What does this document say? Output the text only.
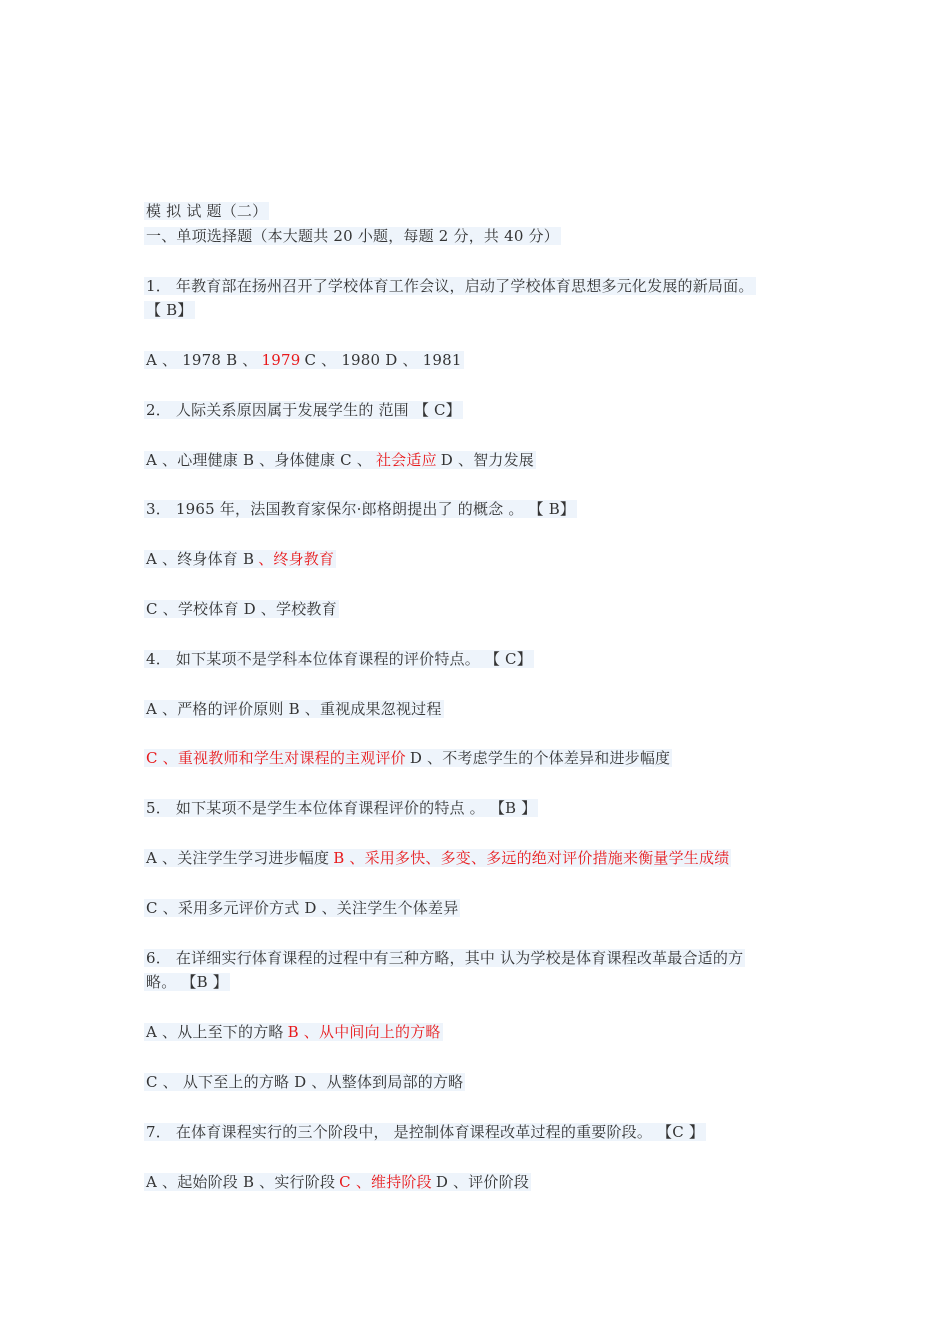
模 拟 试 题（二）
一、单项选择题（本大题共 20 小题，每题 2 分，共 40 分）
1． 年教育部在扬州召开了学校体育工作会议，启动了学校体育思想多元化发展的新局面。
【 B】
A 、 1978 B 、 1979 C 、 1980 D 、 1981
2． 人际关系原因属于发展学生的 范围 【 C】
A 、心理健康 B 、身体健康 C 、 社会适应 D 、智力发展
3． 1965 年，法国教育家保尔·郎格朗提出了 的概念 。 【 B】
A 、终身体育 B 、终身教育
C 、学校体育 D 、学校教育
4． 如下某项不是学科本位体育课程的评价特点。 【 C】
A 、严格的评价原则 B 、重视成果忽视过程
C 、重视教师和学生对课程的主观评价 D 、不考虑学生的个体差异和进步幅度
5． 如下某项不是学生本位体育课程评价的特点 。 【B 】
A 、关注学生学习进步幅度 B 、采用多快、多变、多远的绝对评价措施来衡量学生成绩
C 、采用多元评价方式 D 、关注学生个体差异
6． 在详细实行体育课程的过程中有三种方略，其中 认为学校是体育课程改革最合适的方
略。 【B 】
A 、从上至下的方略 B 、从中间向上的方略
C 、 从下至上的方略 D 、从整体到局部的方略
7． 在体育课程实行的三个阶段中， 是控制体育课程改革过程的重要阶段。 【C 】
A 、起始阶段 B 、实行阶段 C 、维持阶段 D 、评价阶段
